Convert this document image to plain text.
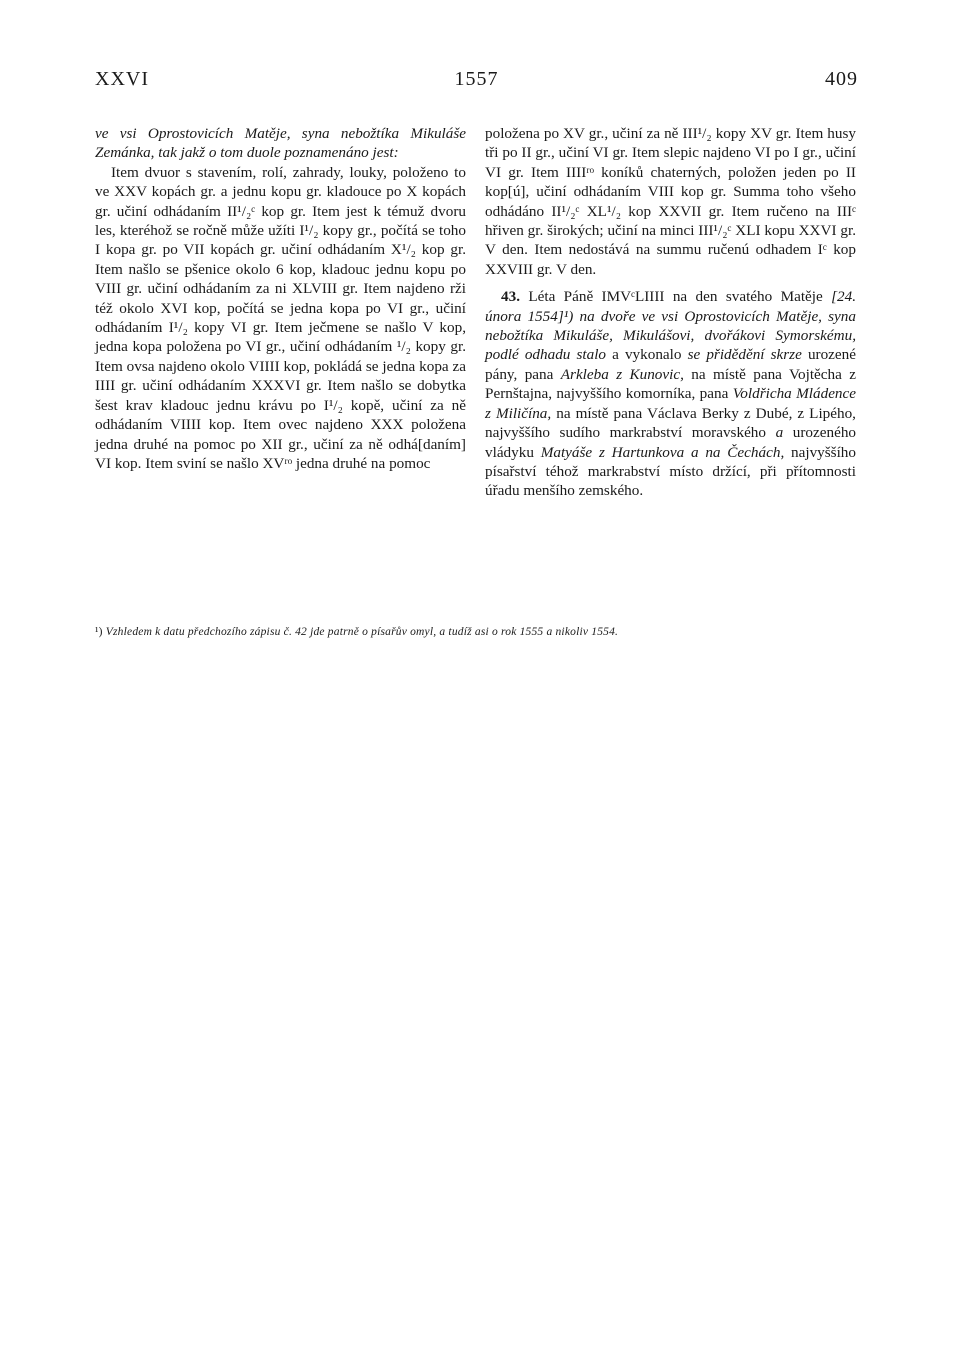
XXVI	1557	409

ve vsi Oprostovicích Matěje, syna nebožtíka Mikuláše Zemánka, tak jakž o tom duole poznamenáno jest:

Item dvuor s stavením, rolí, zahrady, louky, položeno to ve XXV kopách gr. a jednu kopu gr. kladouce po X kopách gr. učiní odhádaním II¹/₂ᶜ kop gr. Item jest k témuž dvoru les, kteréhož se ročně může užíti I¹/₂ kopy gr., počítá se toho I kopa gr. po VII kopách gr. učiní odhádaním X¹/₂ kop gr. Item našlo se pšenice okolo 6 kop, kladouc jednu kopu po VIII gr. učiní odhádaním za ni XLVIII gr. Item najdeno rži též okolo XVI kop, počítá se jedna kopa po VI gr., učiní odhádaním I¹/₂ kopy VI gr. Item ječmene se našlo V kop, jedna kopa položena po VI gr., učiní odhádaním ¹/₂ kopy gr. Item ovsa najdeno okolo VIIII kop, pokládá se jedna kopa za IIII gr. učiní odhádaním XXXVI gr. Item našlo se dobytka šest krav kladouc jednu krávu po I¹/₂ kopě, učiní za ně odhádaním VIIII kop. Item ovec najdeno XXX položena jedna druhé na pomoc po XII gr., učiní za ně odhá[daním] VI kop. Item sviní se našlo XVʳᵒ jedna druhé na pomoc

položena po XV gr., učiní za ně III¹/₂ kopy XV gr. Item husy tři po II gr., učiní VI gr. Item slepic najdeno VI po I gr., učiní VI gr. Item IIIIʳᵒ koníků chaterných, položen jeden po II kop[ú], učiní odhádaním VIII kop gr. Summa toho všeho odhádáno II¹/₂ᶜ XL¹/₂ kop XXVII gr. Item ručeno na IIIᶜ hřiven gr. širokých; učiní na minci III¹/₂ᶜ XLI kopu XXVI gr. V den. Item nedostává na summu ručenú odhadem Iᶜ kop XXVIII gr. V den.

43. Léta Páně IMVᶜLIIII na den svatého Matěje [24. února 1554]¹) na dvoře ve vsi Oprostovicích Matěje, syna nebožtíka Mikuláše, Mikulášovi, dvořákovi Symorskému, podlé odhadu stalo a vykonalo se přidědění skrze urozené pány, pana Arkleba z Kunovic, na místě pana Vojtěcha z Pernštajna, najvyššího komorníka, pana Voldřicha Mládence z Miličína, na místě pana Václava Berky z Dubé, z Lipého, najvyššího sudího markrabství moravského a urozeného vládyku Matyáše z Hartunkova a na Čechách, najvyššího písařství téhož markrabství místo držící, při přítomnosti úřadu menšího zemského.

¹) Vzhledem k datu předchozího zápisu č. 42 jde patrně o písařův omyl, a tudíž asi o rok 1555 a nikoliv 1554.
